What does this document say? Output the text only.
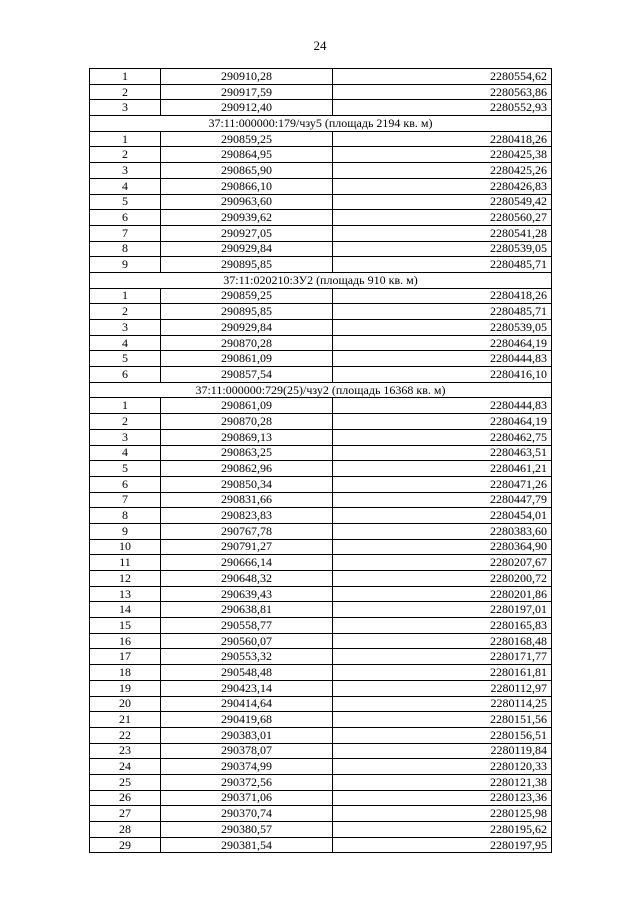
24
1	290910,28	2280554,62
2	290917,59	2280563,86
3	290912,40	2280552,93
37:11:000000:179/чзу5 (площадь 2194 кв. м)		
1	290859,25	2280418,26
2	290864,95	2280425,38
3	290865,90	2280425,26
4	290866,10	2280426,83
5	290963,60	2280549,42
6	290939,62	2280560,27
7	290927,05	2280541,28
8	290929,84	2280539,05
9	290895,85	2280485,71
37:11:020210:ЗУ2 (площадь 910 кв. м)		
1	290859,25	2280418,26
2	290895,85	2280485,71
3	290929,84	2280539,05
4	290870,28	2280464,19
5	290861,09	2280444,83
6	290857,54	2280416,10
37:11:000000:729(25)/чзу2 (площадь 16368 кв. м)		
1	290861,09	2280444,83
2	290870,28	2280464,19
3	290869,13	2280462,75
4	290863,25	2280463,51
5	290862,96	2280461,21
6	290850,34	2280471,26
7	290831,66	2280447,79
8	290823,83	2280454,01
9	290767,78	2280383,60
10	290791,27	2280364,90
11	290666,14	2280207,67
12	290648,32	2280200,72
13	290639,43	2280201,86
14	290638,81	2280197,01
15	290558,77	2280165,83
16	290560,07	2280168,48
17	290553,32	2280171,77
18	290548,48	2280161,81
19	290423,14	2280112,97
20	290414,64	2280114,25
21	290419,68	2280151,56
22	290383,01	2280156,51
23	290378,07	2280119,84
24	290374,99	2280120,33
25	290372,56	2280121,38
26	290371,06	2280123,36
27	290370,74	2280125,98
28	290380,57	2280195,62
29	290381,54	2280197,95
